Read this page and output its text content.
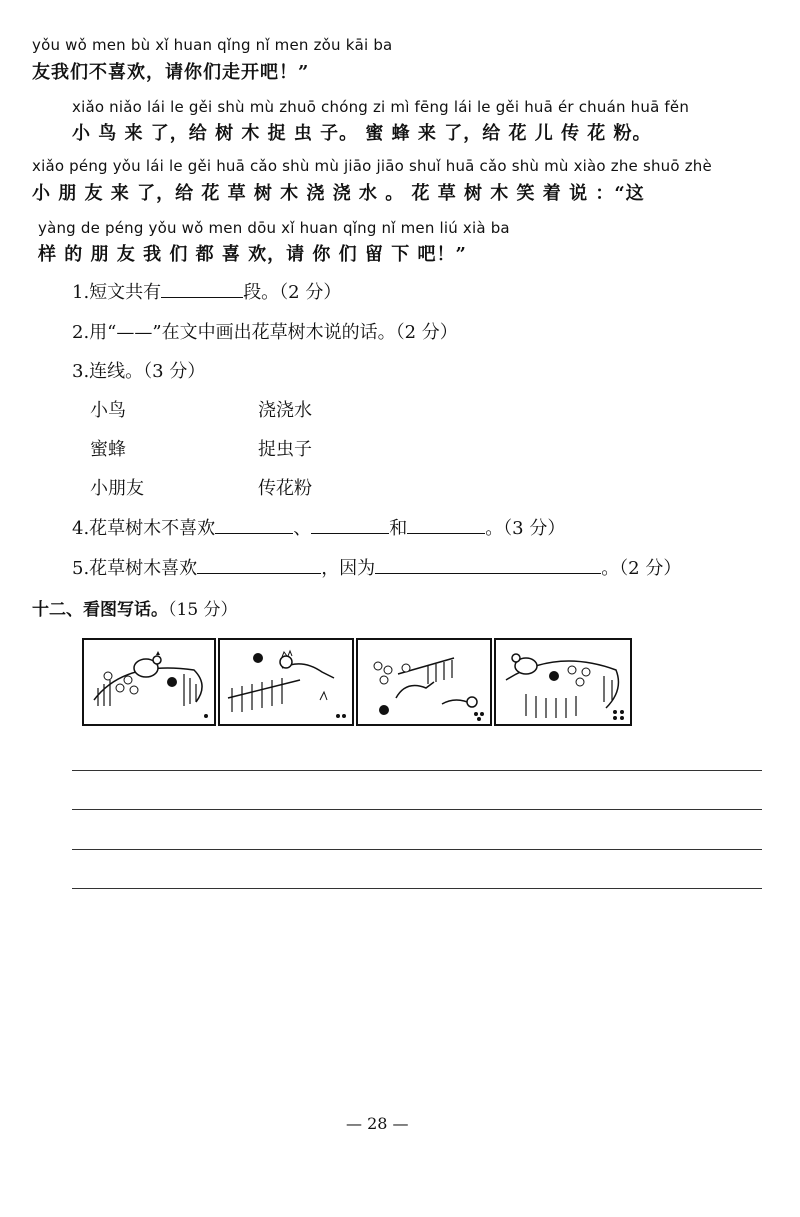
yǒu wǒ men bù xǐ huan qǐng nǐ men zǒu kāi ba
友我们不喜欢，请你们走开吧！”
xiǎo niǎo lái le gěi shù mù zhuō chóng zi mì fēng lái le gěi huā ér chuán huā fěn
小 鸟 来 了，给 树 木 捉 虫 子。 蜜 蜂 来 了，给 花 儿 传 花 粉。
xiǎo péng yǒu lái le gěi huā cǎo shù mù jiāo jiāo shuǐ huā cǎo shù mù xiào zhe shuō zhè
小 朋 友 来 了，给 花 草 树 木 浇 浇 水 。 花 草 树 木 笑 着 说 ：“这
yàng de péng yǒu wǒ men dōu xǐ huan qǐng nǐ men liú xià ba
样 的 朋 友 我 们 都 喜 欢，请 你 们 留 下 吧！”
1.短文共有	段。（2 分）
2.用“——”在文中画出花草树木说的话。（2 分）
3.连线。（3 分）
小鸟	浇浇水
蜜蜂	捉虫子
小朋友	传花粉
4.花草树木不喜欢	、	和	。（3 分）
5.花草树木喜欢	，因为	。（2 分）
十二、看图写话。（15 分）
— 28 —
